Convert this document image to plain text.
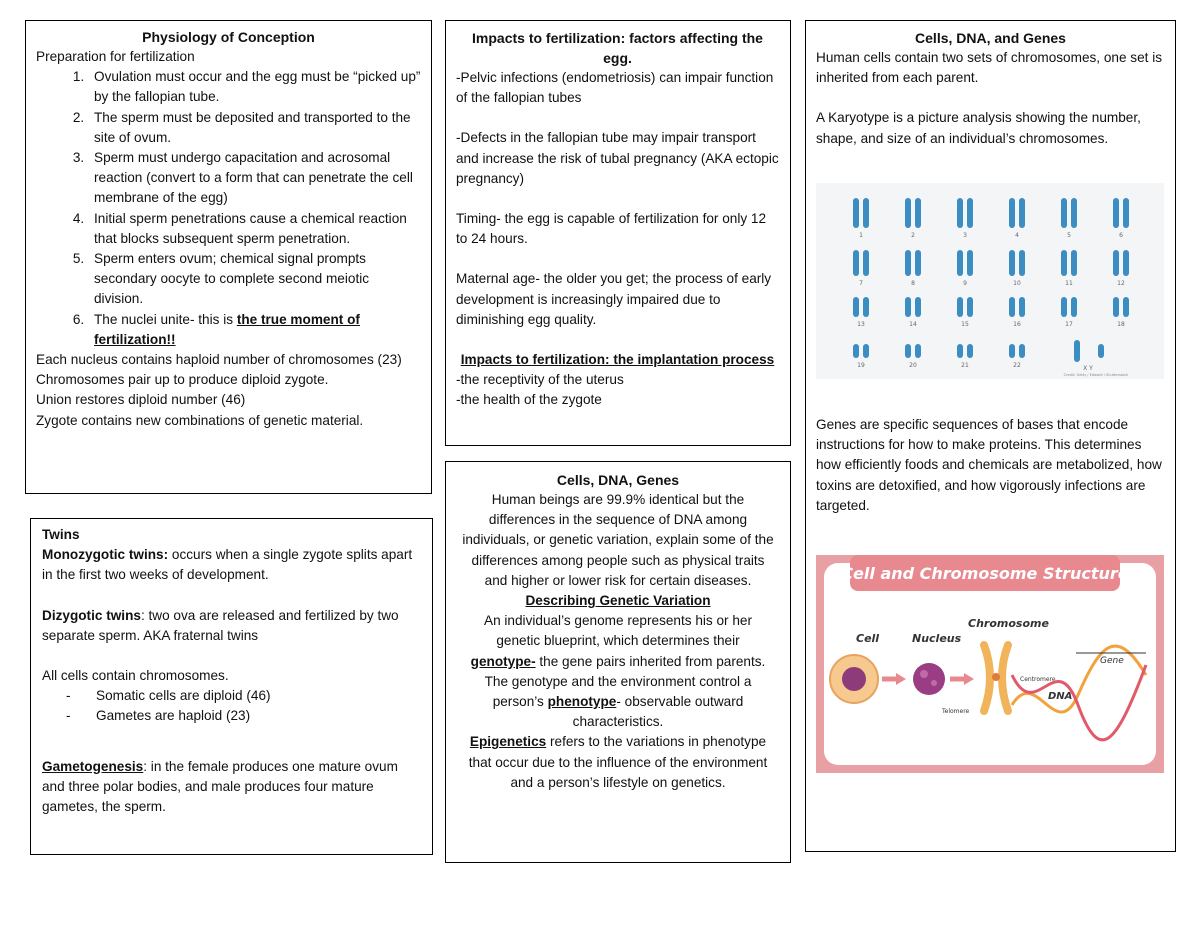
Physiology of Conception

Preparation for fertilization

1. Ovulation must occur and the egg must be “picked up” by the fallopian tube.
2. The sperm must be deposited and transported to the site of ovum.
3. Sperm must undergo capacitation and acrosomal reaction (convert to a form that can penetrate the cell membrane of the egg)
4. Initial sperm penetrations cause a chemical reaction that blocks subsequent sperm penetration.
5. Sperm enters ovum; chemical signal prompts secondary oocyte to complete second meiotic division.
6. The nuclei unite- this is the true moment of fertilization!!

Each nucleus contains haploid number of chromosomes (23)

Chromosomes pair up to produce diploid zygote.

Union restores diploid number (46)

Zygote contains new combinations of genetic material.

Twins

Monozygotic twins: occurs when a single zygote splits apart in the first two weeks of development.

Dizygotic twins: two ova are released and fertilized by two separate sperm. AKA fraternal twins

All cells contain chromosomes.

- Somatic cells are diploid (46)
- Gametes are haploid (23)

Gametogenesis: in the female produces one mature ovum and three polar bodies, and male produces four mature gametes, the sperm.

Impacts to fertilization: factors affecting the egg.

-Pelvic infections (endometriosis) can impair function of the fallopian tubes

-Defects in the fallopian tube may impair transport and increase the risk of tubal pregnancy (AKA ectopic pregnancy)

Timing- the egg is capable of fertilization for only 12 to 24 hours.

Maternal age- the older you get; the process of early development is increasingly impaired due to diminishing egg quality.

Impacts to fertilization: the implantation process

-the receptivity of the uterus

-the health of the zygote

Cells, DNA, Genes

Human beings are 99.9% identical but the differences in the sequence of DNA among individuals, or genetic variation, explain some of the differences among people such as physical traits and higher or lower risk for certain diseases.

Describing Genetic Variation

An individual’s genome represents his or her genetic blueprint, which determines their genotype- the gene pairs inherited from parents.

The genotype and the environment control a person’s phenotype- observable outward characteristics.

Epigenetics refers to the variations in phenotype that occur due to the influence of the environment and a person’s lifestyle on genetics.

Cells, DNA, and Genes

Human cells contain two sets of chromosomes, one set is inherited from each parent.

A Karyotype is a picture analysis showing the number, shape, and size of an individual’s chromosomes.

1	2	3	4	5	6
7	8	9	10	11	12
13	14	15	16	17	18
19	20	21	22	X Y
Credit: Getty / Edward / Shutterstock

Genes are specific sequences of bases that encode instructions for how to make proteins. This determines how efficiently foods and chemicals are metabolized, how toxins are detoxified, and how vigorously infections are targeted.

Cell and Chromosome Structure
Cell	Nucleus
Chromosome
Gene
DNA
Centromere
Telomere
